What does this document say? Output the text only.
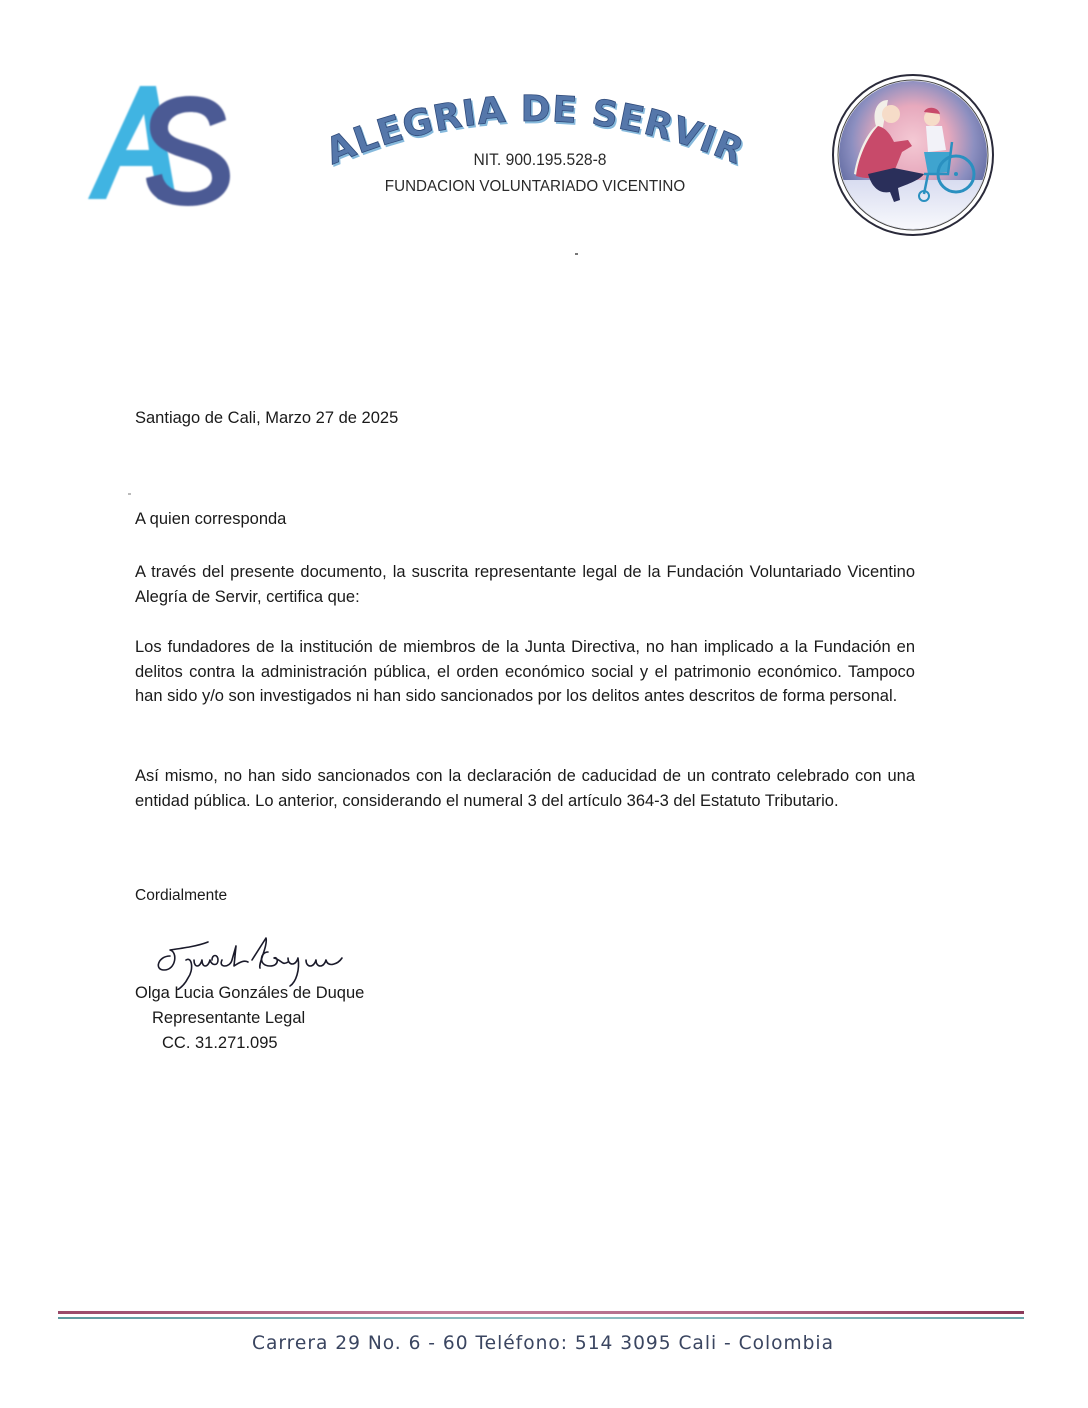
ALEGRIA DE SERVIR
NIT. 900.195.528-8
FUNDACION VOLUNTARIADO VICENTINO
Santiago de Cali, Marzo 27 de 2025
A quien corresponda
A través del presente documento, la suscrita representante legal de la Fundación Voluntariado Vicentino Alegría de Servir, certifica que:
Los fundadores de la institución de miembros de la Junta Directiva, no han implicado a la Fundación en delitos contra la administración pública, el orden económico social y el patrimonio económico. Tampoco han sido y/o son investigados ni han sido sancionados por los delitos antes descritos de forma personal.
Así mismo, no han sido sancionados con la declaración de caducidad de un contrato celebrado con una entidad pública. Lo anterior, considerando el numeral 3 del artículo 364-3 del Estatuto Tributario.
Cordialmente
Olga Lucia Gonzáles de Duque
Representante Legal
CC. 31.271.095
Carrera 29 No. 6 - 60 Teléfono: 514 3095 Cali - Colombia
